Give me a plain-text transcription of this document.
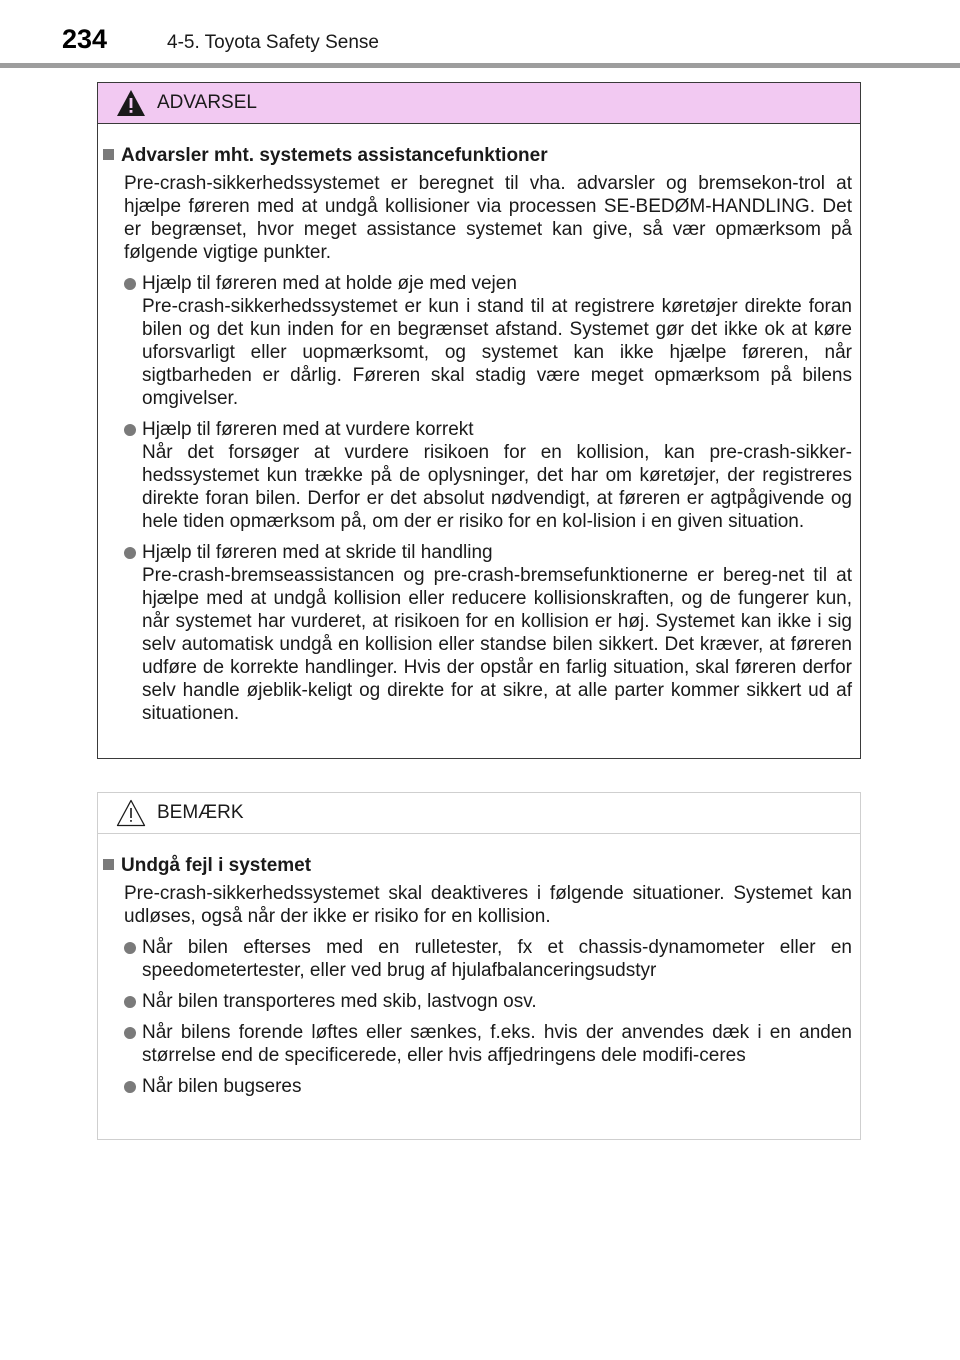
234	4-5. Toyota Safety Sense
ADVARSEL
Advarsler mht. systemets assistancefunktioner
Pre-crash-sikkerhedssystemet er beregnet til vha. advarsler og bremsekon-trol at hjælpe føreren med at undgå kollisioner via processen SE-BEDØM-HANDLING. Det er begrænset, hvor meget assistance systemet kan give, så vær opmærksom på følgende vigtige punkter.
Hjælp til føreren med at holde øje med vejen
Pre-crash-sikkerhedssystemet er kun i stand til at registrere køretøjer direkte foran bilen og det kun inden for en begrænset afstand. Systemet gør det ikke ok at køre uforsvarligt eller uopmærksomt, og systemet kan ikke hjælpe føreren, når sigtbarheden er dårlig. Føreren skal stadig være meget opmærksom på bilens omgivelser.
Hjælp til føreren med at vurdere korrekt
Når det forsøger at vurdere risikoen for en kollision, kan pre-crash-sikker-hedssystemet kun trække på de oplysninger, det har om køretøjer, der registreres direkte foran bilen. Derfor er det absolut nødvendigt, at føreren er agtpågivende og hele tiden opmærksom på, om der er risiko for en kol-lision i en given situation.
Hjælp til føreren med at skride til handling
Pre-crash-bremseassistancen og pre-crash-bremsefunktionerne er bereg-net til at hjælpe med at undgå kollision eller reducere kollisionskraften, og de fungerer kun, når systemet har vurderet, at risikoen for en kollision er høj. Systemet kan ikke i sig selv automatisk undgå en kollision eller standse bilen sikkert. Det kræver, at føreren udføre de korrekte handlinger. Hvis der opstår en farlig situation, skal føreren derfor selv handle øjeblik-keligt og direkte for at sikre, at alle parter kommer sikkert ud af situationen.
BEMÆRK
Undgå fejl i systemet
Pre-crash-sikkerhedssystemet skal deaktiveres i følgende situationer. Systemet kan udløses, også når der ikke er risiko for en kollision.
Når bilen efterses med en rulletester, fx et chassis-dynamometer eller en speedometertester, eller ved brug af hjulafbalanceringsudstyr
Når bilen transporteres med skib, lastvogn osv.
Når bilens forende løftes eller sænkes, f.eks. hvis der anvendes dæk i en anden størrelse end de specificerede, eller hvis affjedringens dele modifi-ceres
Når bilen bugseres
